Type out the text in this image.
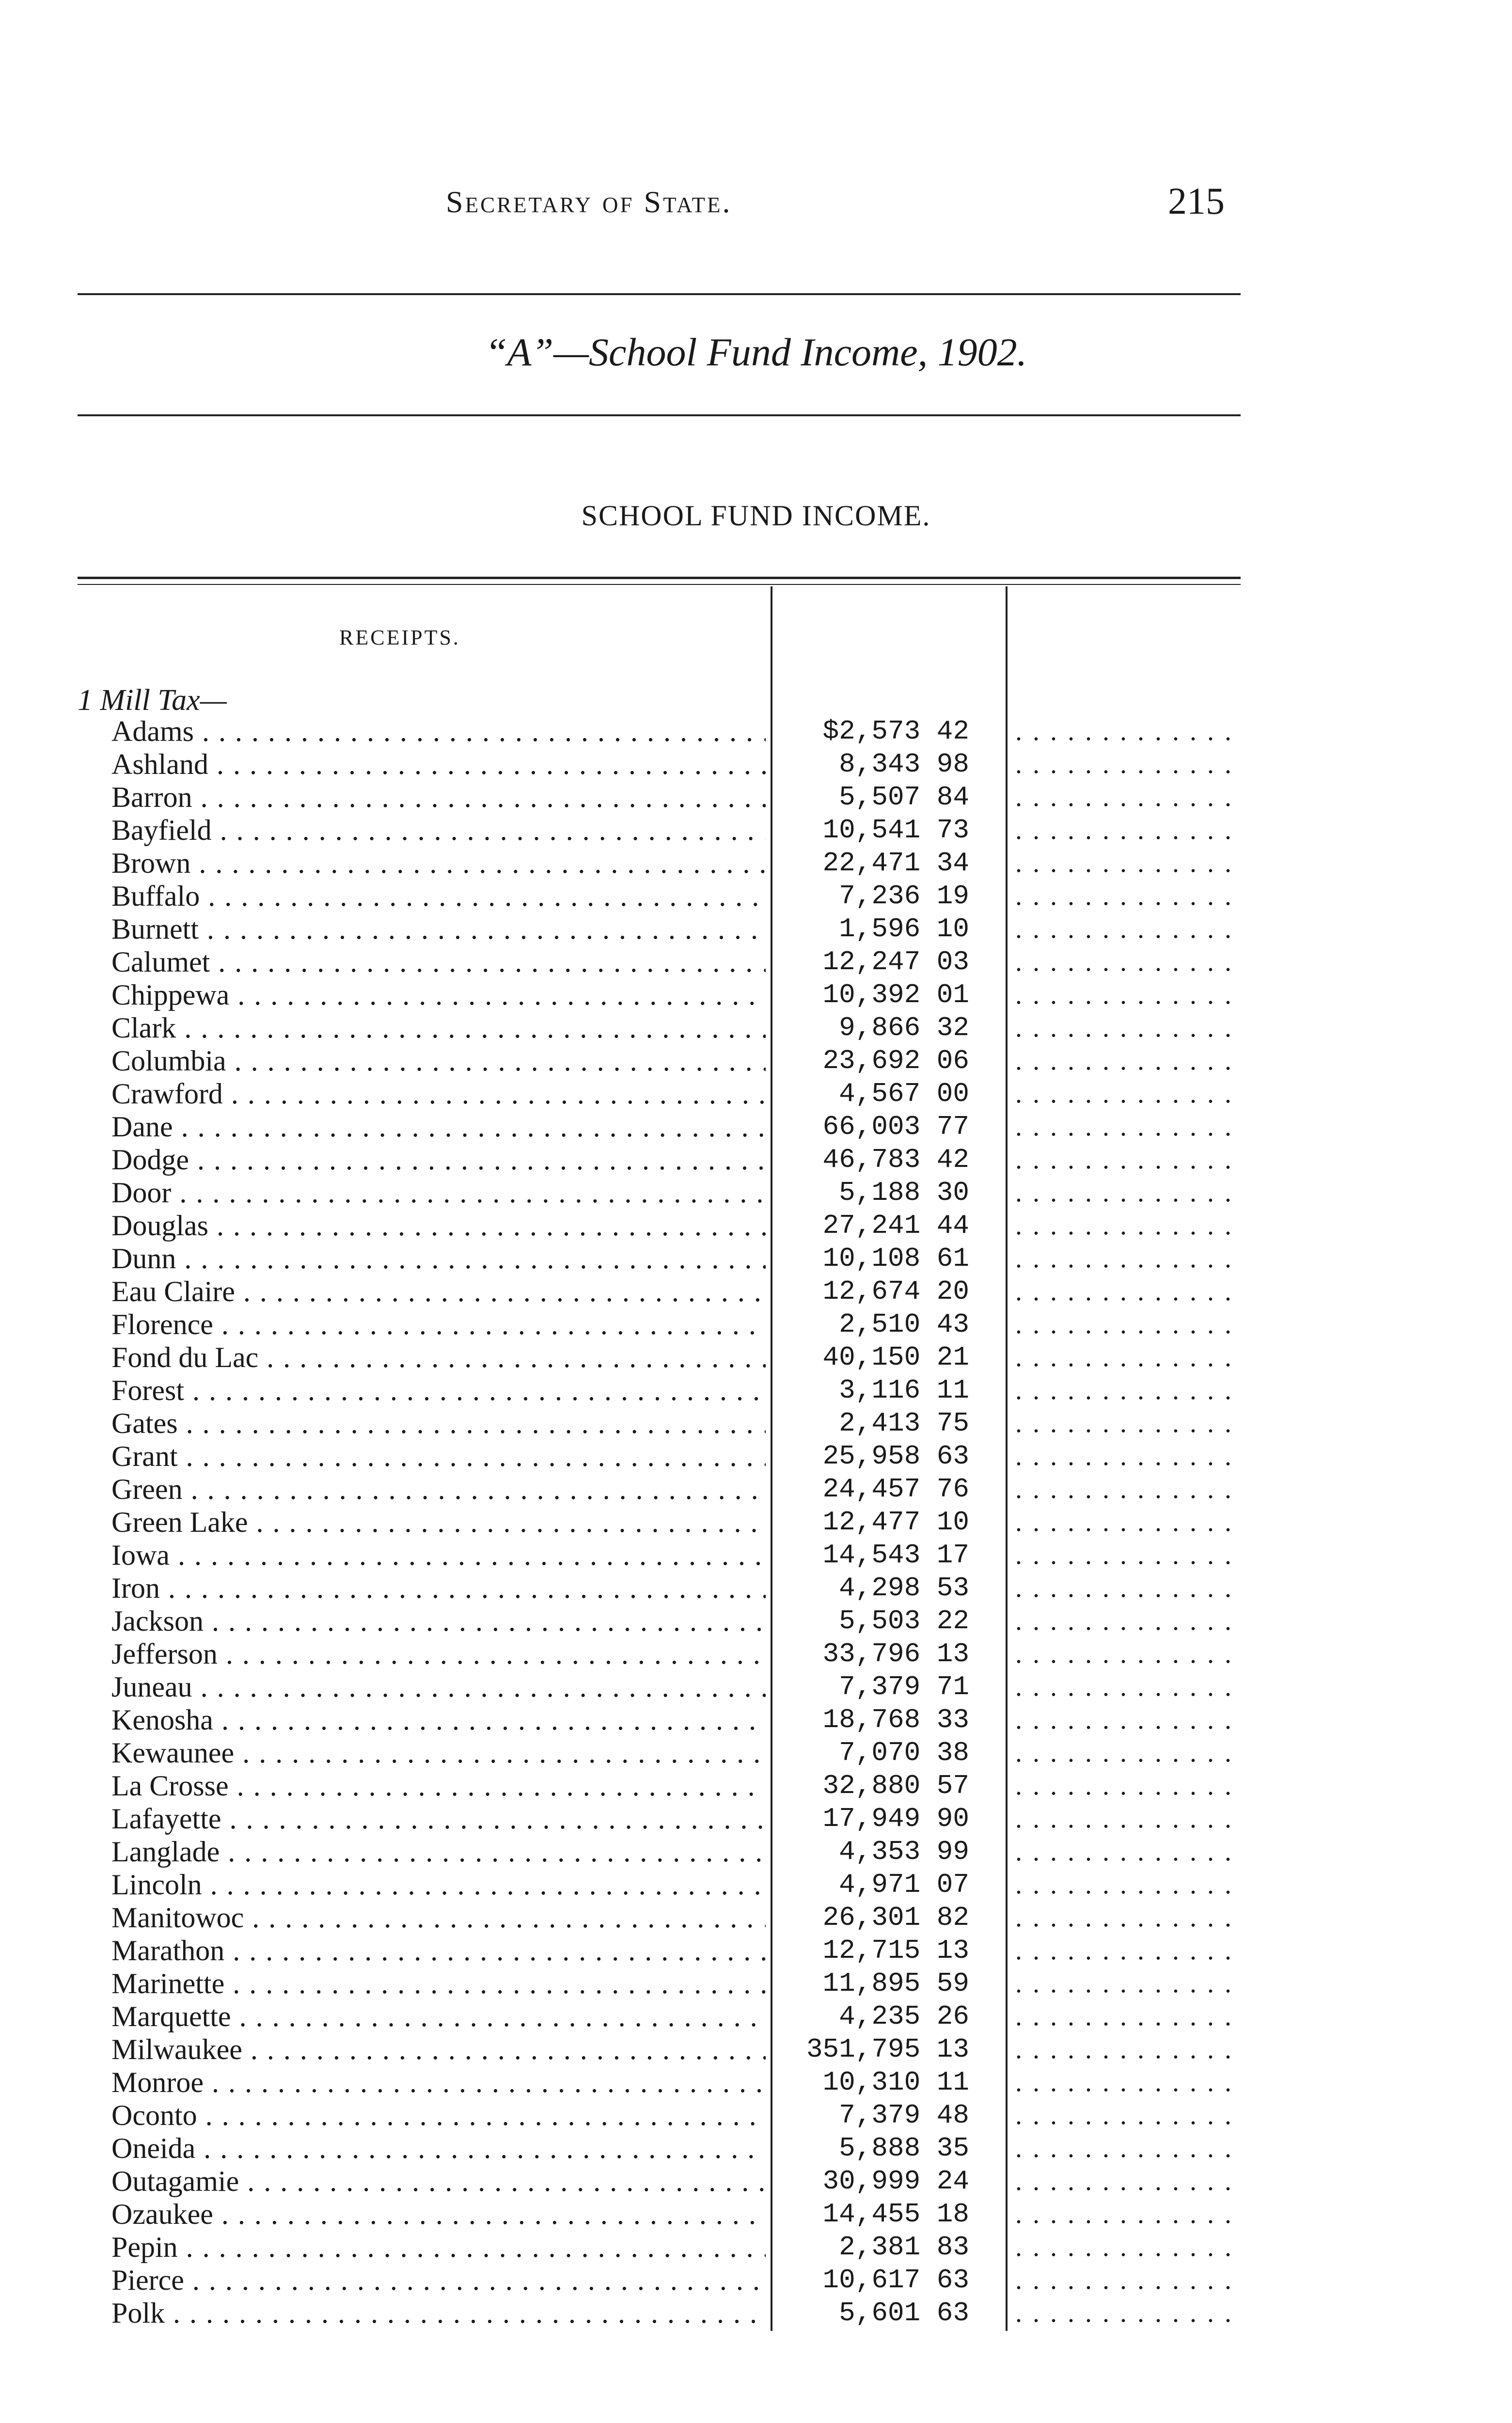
Secretary of State.	215
“A”—School Fund Income, 1902.
SCHOOL FUND INCOME.
RECEIPTS.
1 Mill Tax—
Adams . . .	$2,573 42
. . .
Ashland . . .	8,343 98
. . .
Barron . . .	5,507 84
. . .
Bayfield . . .	10,541 73
. . .
Brown . . .	22,471 34
. . .
Buffalo . . .	7,236 19
. . .
Burnett . . .	1,596 10
. . .
Calumet . . .	12,247 03
. . .
Chippewa . . .	10,392 01
. . .
Clark . . .	9,866 32
. . .
Columbia . . .	23,692 06
. . .
Crawford . . .	4,567 00
. . .
Dane . . .	66,003 77
. . .
Dodge . . .	46,783 42
. . .
Door . . .	5,188 30
. . .
Douglas . . .	27,241 44
. . .
Dunn . . .	10,108 61
. . .
Eau Claire . . .	12,674 20
. . .
Florence . . .	2,510 43
. . .
Fond du Lac . . .	40,150 21
. . .
Forest . . .	3,116 11
. . .
Gates . . .	2,413 75
. . .
Grant . . .	25,958 63
. . .
Green . . .	24,457 76
. . .
Green Lake . . .	12,477 10
. . .
Iowa . . .	14,543 17
. . .
Iron . . .	4,298 53
. . .
Jackson . . .	5,503 22
. . .
Jefferson . . .	33,796 13
. . .
Juneau . . .	7,379 71
. . .
Kenosha . . .	18,768 33
. . .
Kewaunee . . .	7,070 38
. . .
La Crosse . . .	32,880 57
. . .
Lafayette . . .	17,949 90
. . .
Langlade . . .	4,353 99
. . .
Lincoln . . .	4,971 07
. . .
Manitowoc . . .	26,301 82
. . .
Marathon . . .	12,715 13
. . .
Marinette . . .	11,895 59
. . .
Marquette . . .	4,235 26
. . .
Milwaukee . . .	351,795 13
. . .
Monroe . . .	10,310 11
. . .
Oconto . . .	7,379 48
. . .
Oneida . . .	5,888 35
. . .
Outagamie . . .	30,999 24
. . .
Ozaukee . . .	14,455 18
. . .
Pepin . . .	2,381 83
. . .
Pierce . . .	10,617 63
. . .
Polk . . .	5,601 63
. . .
